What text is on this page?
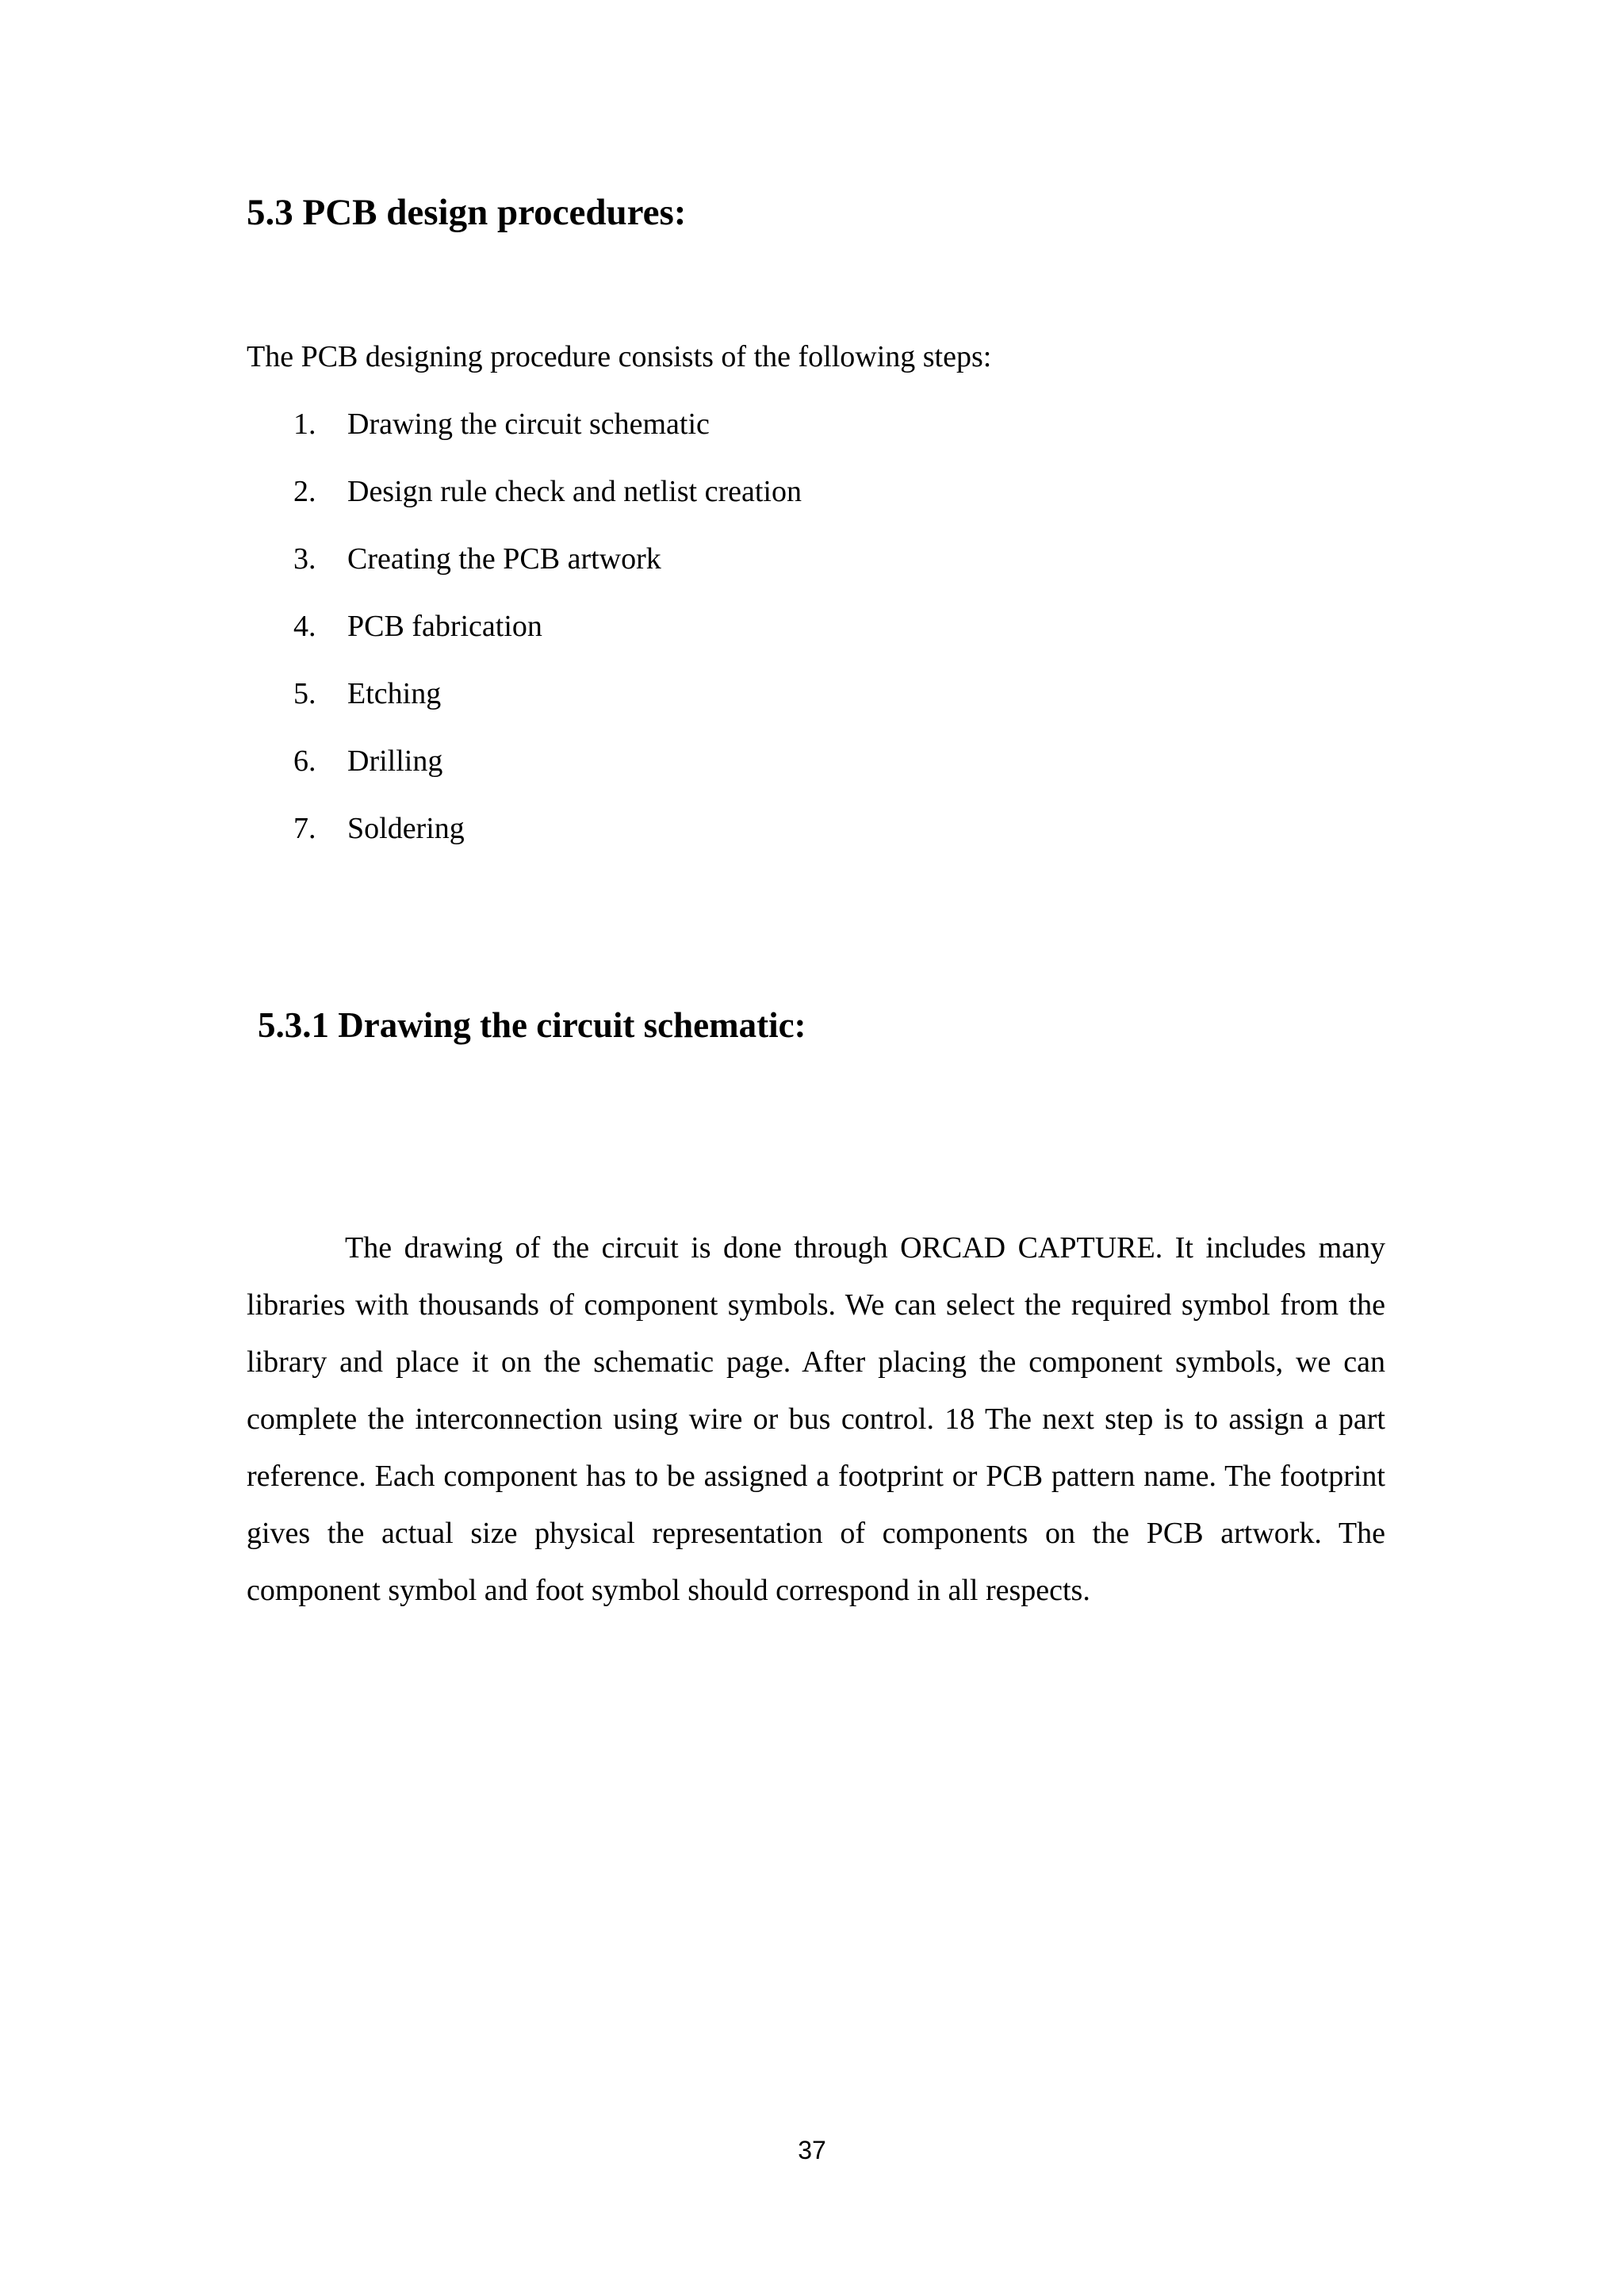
5.3 PCB design procedures:

The PCB designing procedure consists of the following steps:

1.	Drawing the circuit schematic
2.	Design rule check and netlist creation
3.	Creating the PCB artwork
4.	PCB fabrication
5.	Etching
6.	Drilling
7.	Soldering
5.3.1 Drawing the circuit schematic:

The drawing of the circuit is done through ORCAD CAPTURE. It includes many libraries with thousands of component symbols. We can select the required symbol from the library and place it on the schematic page. After placing the component symbols, we can complete the interconnection using wire or bus control. 18 The next step is to assign a part reference. Each component has to be assigned a footprint or PCB pattern name. The footprint gives the actual size physical representation of components on the PCB artwork. The component symbol and foot symbol should correspond in all respects.

37
